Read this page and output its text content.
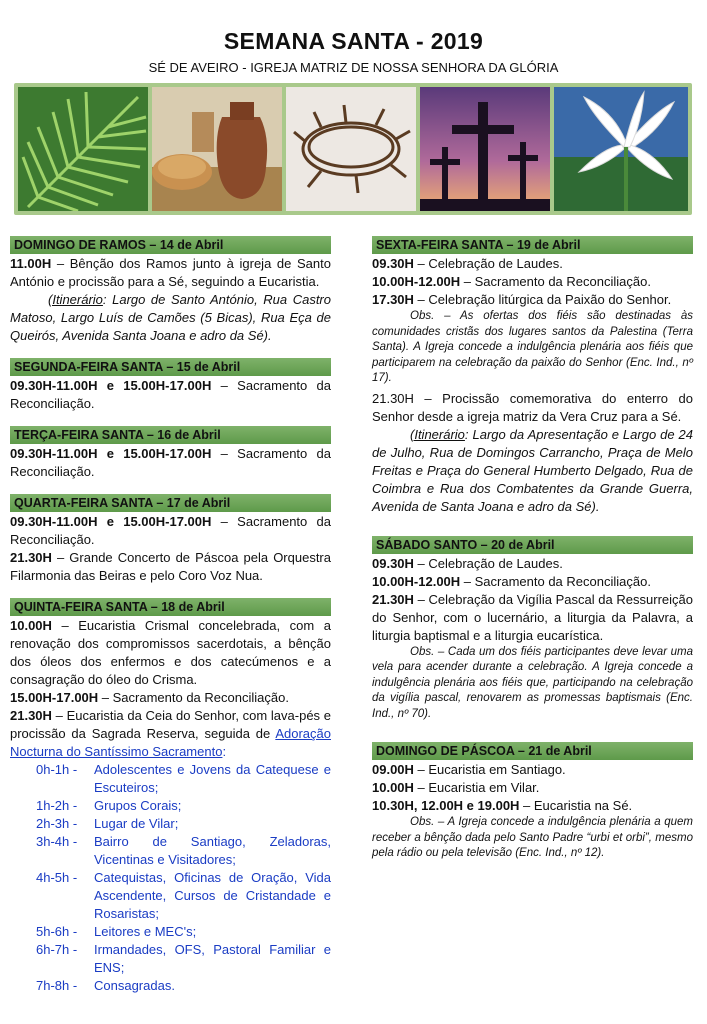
SEMANA SANTA - 2019
SÉ DE AVEIRO - IGREJA MATRIZ DE NOSSA SENHORA DA GLÓRIA
DOMINGO DE RAMOS – 14 de Abril

11.00H – Bênção dos Ramos junto à igreja de Santo António e procissão para a Sé, seguindo a Eucaristia.

(Itinerário: Largo de Santo António, Rua Castro Matoso, Largo Luís de Camões (5 Bicas), Rua Eça de Queirós, Avenida Santa Joana e adro da Sé).

SEGUNDA-FEIRA SANTA – 15 de Abril

09.30H-11.00H e 15.00H-17.00H – Sacramento da Reconciliação.

TERÇA-FEIRA SANTA – 16 de Abril

09.30H-11.00H e 15.00H-17.00H – Sacramento da Reconciliação.

QUARTA-FEIRA SANTA – 17 de Abril

09.30H-11.00H e 15.00H-17.00H – Sacramento da Reconciliação.

21.30H – Grande Concerto de Páscoa pela Orquestra Filarmonia das Beiras e pelo Coro Voz Nua.

QUINTA-FEIRA SANTA – 18 de Abril

10.00H – Eucaristia Crismal concelebrada, com a renovação dos compromissos sacerdotais, a bênção dos óleos dos enfermos e dos catecúmenos e a consagração do óleo do Crisma.

15.00H-17.00H – Sacramento da Reconciliação.

21.30H – Eucaristia da Ceia do Senhor, com lava-pés e procissão da Sagrada Reserva, seguida de Adoração Nocturna do Santíssimo Sacramento:

0h-1h -	Adolescentes e Jovens da Catequese e Escuteiros;
1h-2h -	Grupos Corais;
2h-3h -	Lugar de Vilar;
3h-4h -	Bairro de Santiago, Zeladoras, Vicentinas e Visitadores;
4h-5h -	Catequistas, Oficinas de Oração, Vida Ascendente, Cursos de Cristandade e Rosaristas;
5h-6h -	Leitores e MEC's;
6h-7h -	Irmandades, OFS, Pastoral Familiar e ENS;
7h-8h -	Consagradas.
SEXTA-FEIRA SANTA – 19 de Abril

09.30H – Celebração de Laudes.

10.00H-12.00H – Sacramento da Reconciliação.

17.30H – Celebração litúrgica da Paixão do Senhor.

Obs. – As ofertas dos fiéis são destinadas às comunidades cristãs dos lugares santos da Palestina (Terra Santa). A Igreja concede a indulgência plenária aos fiéis que participarem na celebração da paixão do Senhor (Enc. Ind., nº 17).

21.30H – Procissão comemorativa do enterro do Senhor desde a igreja matriz da Vera Cruz para a Sé.

(Itinerário: Largo da Apresentação e Largo de 24 de Julho, Rua de Domingos Carrancho, Praça de Melo Freitas e Praça do General Humberto Delgado, Rua de Coimbra e Rua dos Combatentes da Grande Guerra, Avenida de Santa Joana e adro da Sé).

SÁBADO SANTO – 20 de Abril

09.30H – Celebração de Laudes.

10.00H-12.00H – Sacramento da Reconciliação.

21.30H – Celebração da Vigília Pascal da Ressurreição do Senhor, com o lucernário, a liturgia da Palavra, a liturgia baptismal e a liturgia eucarística.

Obs. – Cada um dos fiéis participantes deve levar uma vela para acender durante a celebração. A Igreja concede a indulgência plenária aos fiéis que, participando na celebração da vigília pascal, renovarem as promessas baptismais (Enc. Ind., nº 70).

DOMINGO DE PÁSCOA – 21 de Abril

09.00H – Eucaristia em Santiago.

10.00H – Eucaristia em Vilar.

10.30H, 12.00H e 19.00H – Eucaristia na Sé.

Obs. – A Igreja concede a indulgência plenária a quem receber a bênção dada pelo Santo Padre “urbi et orbi”, mesmo pela rádio ou pela televisão (Enc. Ind., nº 12).
